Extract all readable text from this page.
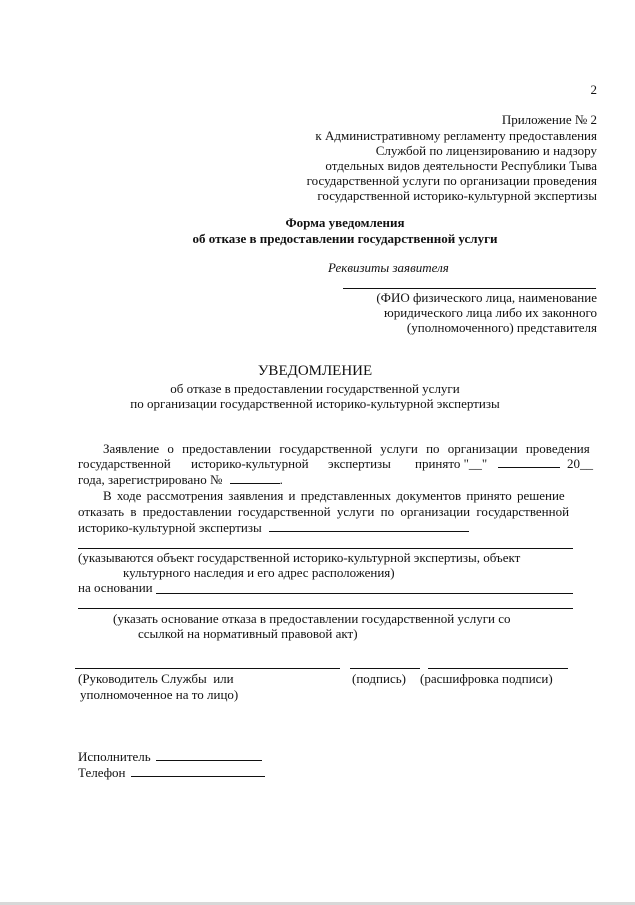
2
Приложение № 2
к Административному регламенту предоставления
Службой по лицензированию и надзору
отдельных видов деятельности Республики Тыва
государственной услуги по организации проведения
государственной историко-культурной экспертизы
Форма уведомления
об отказе в предоставлении государственной услуги
Реквизиты заявителя
(ФИО физического лица, наименование
юридического лица либо их законного
(уполномоченного) представителя
УВЕДОМЛЕНИЕ
об отказе в предоставлении государственной услуги
по организации государственной историко-культурной экспертизы
Заявление о предоставлении государственной услуги по организации проведения
государственной историко-культурной экспертизы принято "__"	20__
года, зарегистрировано №	.
В ходе рассмотрения заявления и представленных документов принято решение
отказать в предоставлении государственной услуги по организации государственной
историко-культурной экспертизы
(указываются объект государственной историко-культурной экспертизы, объект
культурного наследия и его адрес расположения)
на основании
(указать основание отказа в предоставлении государственной услуги со
ссылкой на нормативный правовой акт)
(Руководитель Службы  или
уполномоченное на то лицо)
(подпись) (расшифровка подписи)
Исполнитель
Телефон
